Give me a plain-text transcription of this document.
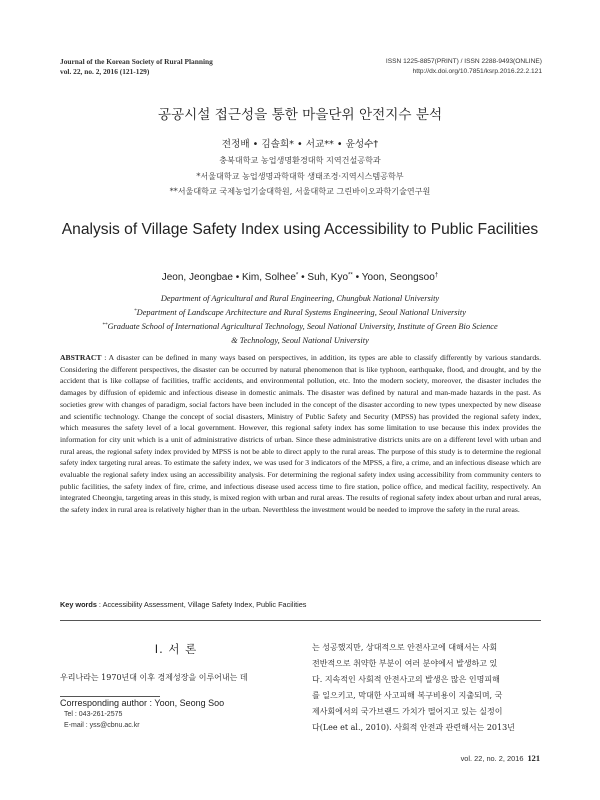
Journal of the Korean Society of Rural Planning
vol. 22, no. 2, 2016 (121-129)
ISSN 1225-8857(PRINT) / ISSN 2288-9493(ONLINE)
http://dx.doi.org/10.7851/ksrp.2016.22.2.121
공공시설 접근성을 통한 마을단위 안전지수 분석
전정배 • 김솔희* • 서교** • 윤성수†
충북대학교 농업생명환경대학 지역건설공학과
*서울대학교 농업생명과학대학 생태조경·지역시스템공학부
**서울대학교 국제농업기술대학원, 서울대학교 그린바이오과학기술연구원
Analysis of Village Safety Index using Accessibility to Public Facilities
Jeon, Jeongbae • Kim, Solhee* • Suh, Kyo** • Yoon, Seongsoo†
Department of Agricultural and Rural Engineering, Chungbuk National University
*Department of Landscape Architecture and Rural Systems Engineering, Seoul National University
**Graduate School of International Agricultural Technology, Seoul National University, Institute of Green Bio Science
& Technology, Seoul National University
ABSTRACT : A disaster can be defined in many ways based on perspectives, in addition, its types are able to classify differently by various standards. Considering the different perspectives, the disaster can be occurred by natural phenomenon that is like typhoon, earthquake, flood, and drought, and by the accident that is like collapse of facilities, traffic accidents, and environmental pollution, etc. Into the modern society, moreover, the disaster includes the damages by diffusion of epidemic and infectious disease in domestic animals. The disaster was defined by natural and man-made hazards in the past. As societies grew with changes of paradigm, social factors have been included in the concept of the disaster according to new types unexpected by new disease and scientific technology. Change the concept of social disasters, Ministry of Public Safety and Security (MPSS) has provided the regional safety index, which measures the safety level of a local government. However, this regional safety index has some limitation to use because this index provides the information for city unit which is a unit of administrative districts of urban. Since these administrative districts units are on a different level with urban and rural areas, the regional safety index provided by MPSS is not be able to direct apply to the rural areas. The purpose of this study is to determine the regional safety index targeting rural areas. To estimate the safety index, we was used for 3 indicators of the MPSS, a fire, a crime, and an infectious disease which are evaluable the regional safety index using an accessibility analysis. For determining the regional safety index using accessibility from community centers to public facilities, the safety index of fire, crime, and infectious disease used access time to fire station, police office, and medical facility, respectively. An integrated Cheongju, targeting areas in this study, is mixed region with urban and rural areas. The results of regional safety index about urban and rural areas, the safety index in rural area is relatively higher than in the urban. Neverthless the investment would be needed to improve the safety in the rural areas.
Key words : Accessibility Assessment, Village Safety Index, Public Facilities
I. 서 론
우리나라는 1970년대 이후 경제성장을 이루어내는 데
Corresponding author : Yoon, Seong Soo
Tel : 043-261-2575
E-mail : yss@cbnu.ac.kr
는 성공했지만, 상대적으로 안전사고에 대해서는 사회
전반적으로 취약한 부분이 여러 분야에서 발생하고 있
다. 지속적인 사회적 안전사고의 발생은 많은 인명피해
를 일으키고, 막대한 사고피해 복구비용이 지출되며, 국
제사회에서의 국가브랜드 가치가 떨어지고 있는 실정이
다(Lee et al., 2010). 사회적 안전과 관련해서는 2013년
vol. 22, no. 2, 2016 121
